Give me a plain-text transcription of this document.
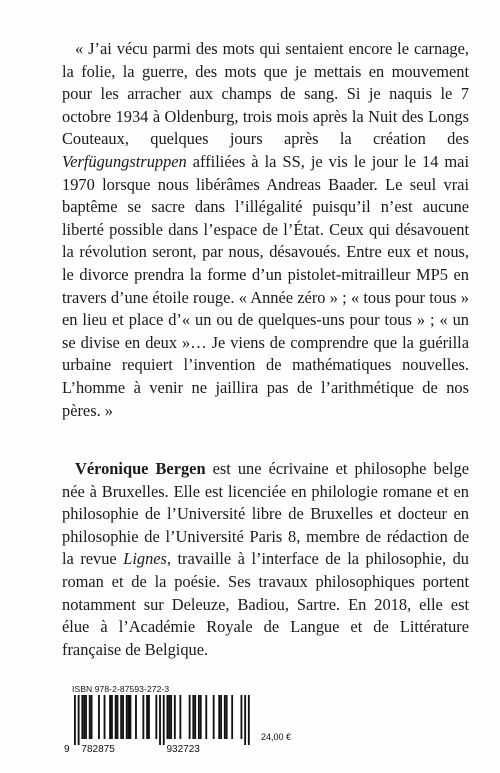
« J’ai vécu parmi des mots qui sentaient encore le carnage, la folie, la guerre, des mots que je mettais en mouvement pour les arracher aux champs de sang. Si je naquis le 7 octobre 1934 à Oldenburg, trois mois après la Nuit des Longs Couteaux, quelques jours après la création des Verfügungstruppen affiliées à la SS, je vis le jour le 14 mai 1970 lorsque nous libérâmes Andreas Baader. Le seul vrai baptême se sacre dans l’illégalité puisqu’il n’est aucune liberté possible dans l’espace de l’État. Ceux qui désavouent la révolution seront, par nous, désavoués. Entre eux et nous, le divorce prendra la forme d’un pistolet-mitrailleur MP5 en travers d’une étoile rouge. « Année zéro » ; « tous pour tous » en lieu et place d’« un ou de quelques-uns pour tous » ; « un se divise en deux »… Je viens de comprendre que la guérilla urbaine requiert l’invention de mathématiques nouvelles. L’homme à venir ne jaillira pas de l’arithmétique de nos pères. »

Véronique Bergen est une écrivaine et philosophe belge née à Bruxelles. Elle est licenciée en philologie romane et en philosophie de l’Université libre de Bruxelles et docteur en philosophie de l’Université Paris 8, membre de rédaction de la revue Lignes, travaille à l’interface de la philosophie, du roman et de la poésie. Ses travaux philosophiques portent notamment sur Deleuze, Badiou, Sartre. En 2018, elle est élue à l’Académie Royale de Langue et de Littérature française de Belgique.

ISBN 978-2-87593-272-3
9 782875	932723
24,00 €
